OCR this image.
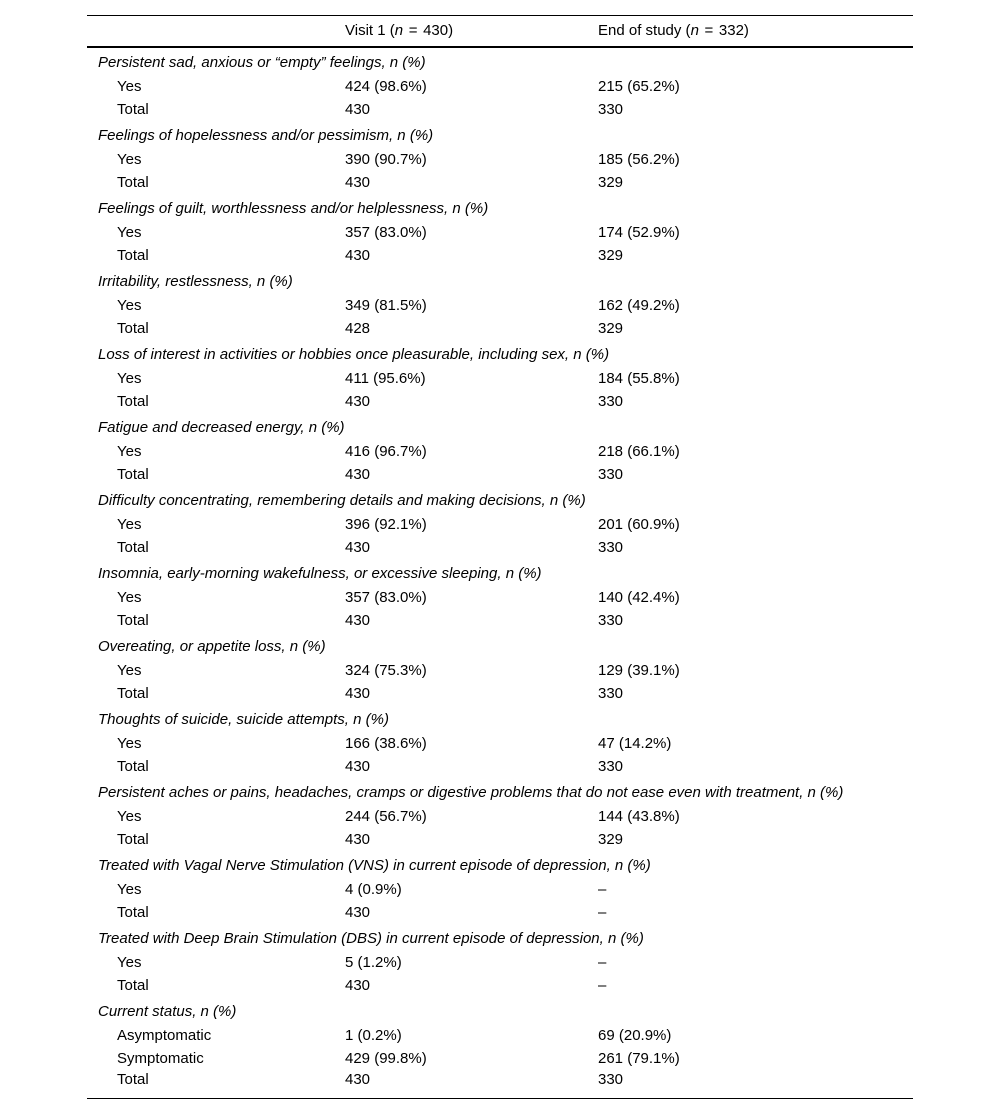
	Visit 1 (n = 430)	End of study (n = 332)
Persistent sad, anxious or “empty” feelings, n (%)		
Yes	424 (98.6%)	215 (65.2%)
Total	430	330
Feelings of hopelessness and/or pessimism, n (%)		
Yes	390 (90.7%)	185 (56.2%)
Total	430	329
Feelings of guilt, worthlessness and/or helplessness, n (%)		
Yes	357 (83.0%)	174 (52.9%)
Total	430	329
Irritability, restlessness, n (%)		
Yes	349 (81.5%)	162 (49.2%)
Total	428	329
Loss of interest in activities or hobbies once pleasurable, including sex, n (%)		
Yes	411 (95.6%)	184 (55.8%)
Total	430	330
Fatigue and decreased energy, n (%)		
Yes	416 (96.7%)	218 (66.1%)
Total	430	330
Difficulty concentrating, remembering details and making decisions, n (%)		
Yes	396 (92.1%)	201 (60.9%)
Total	430	330
Insomnia, early-morning wakefulness, or excessive sleeping, n (%)		
Yes	357 (83.0%)	140 (42.4%)
Total	430	330
Overeating, or appetite loss, n (%)		
Yes	324 (75.3%)	129 (39.1%)
Total	430	330
Thoughts of suicide, suicide attempts, n (%)		
Yes	166 (38.6%)	47 (14.2%)
Total	430	330
Persistent aches or pains, headaches, cramps or digestive problems that do not ease even with treatment, n (%)		
Yes	244 (56.7%)	144 (43.8%)
Total	430	329
Treated with Vagal Nerve Stimulation (VNS) in current episode of depression, n (%)		
Yes	4 (0.9%)	–
Total	430	–
Treated with Deep Brain Stimulation (DBS) in current episode of depression, n (%)		
Yes	5 (1.2%)	–
Total	430	–
Current status, n (%)		
Asymptomatic	1 (0.2%)	69 (20.9%)
Symptomatic	429 (99.8%)	261 (79.1%)
Total	430	330
